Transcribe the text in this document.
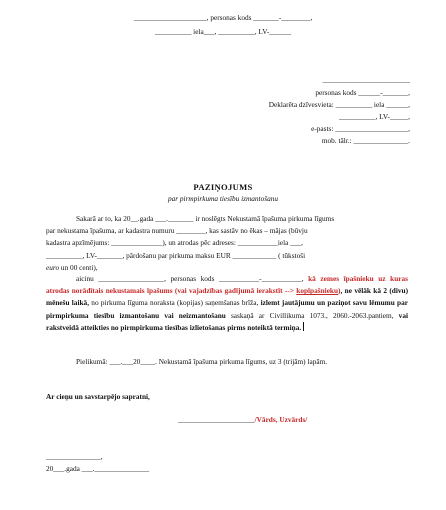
____________________, personas kods _______-________,
__________ iela___, __________, LV-______
________________________
personas kods ______-_______,
Deklarēta dzīvesvieta: __________ iela ______,
__________, LV-_____,
e-pasts: ____________________,
mob. tālr.: _______________.
PAZIŅOJUMS
par pirmpirkuma tiesību izmantošanu
Sakarā ar to, ka 20__.gada ___._______ ir noslēgts Nekustamā īpašuma pirkuma līgums
par nekustama īpašuma, ar kadastra numuru ________, kas sastāv no ēkas – mājas (būvju
kadastra apzīmējums: ______________), un atrodas pēc adreses: ___________iela ___,
__________, LV-_______, pārdošanu par pirkuma maksu EUR ____________ ( tūkstoši
euro un 00 centi),
aicinu __________________, personas kods ___________-___________, kā zemes īpašnieku uz kuras atrodas norādītais nekustamais īpašums (vai vajadzības gadījumā ierakstīt --> kopīpašnieku), ne vēlāk kā 2 (divu) mēnešu laikā, no pirkuma līguma noraksta (kopijas) saņemšanas brīža, izlemt jautājumu un paziņot savu lēmumu par pirmpirkuma tiesību izmantošanu vai neizmantošanu saskaņā ar Civillikuma 1073., 2060.-2063.pantiem, vai rakstveidā atteikties no pirmpirkuma tiesības izlietošanas pirms noteiktā termiņa.
Pielikumā: ___.___20____. Nekustamā īpašuma pirkuma līgums, uz 3 (trijām) lapām.
Ar cieņu un savstarpējo sapratni,
_____________________/Vārds, Uzvārds/
_______________,
20___.gada ___._______________
